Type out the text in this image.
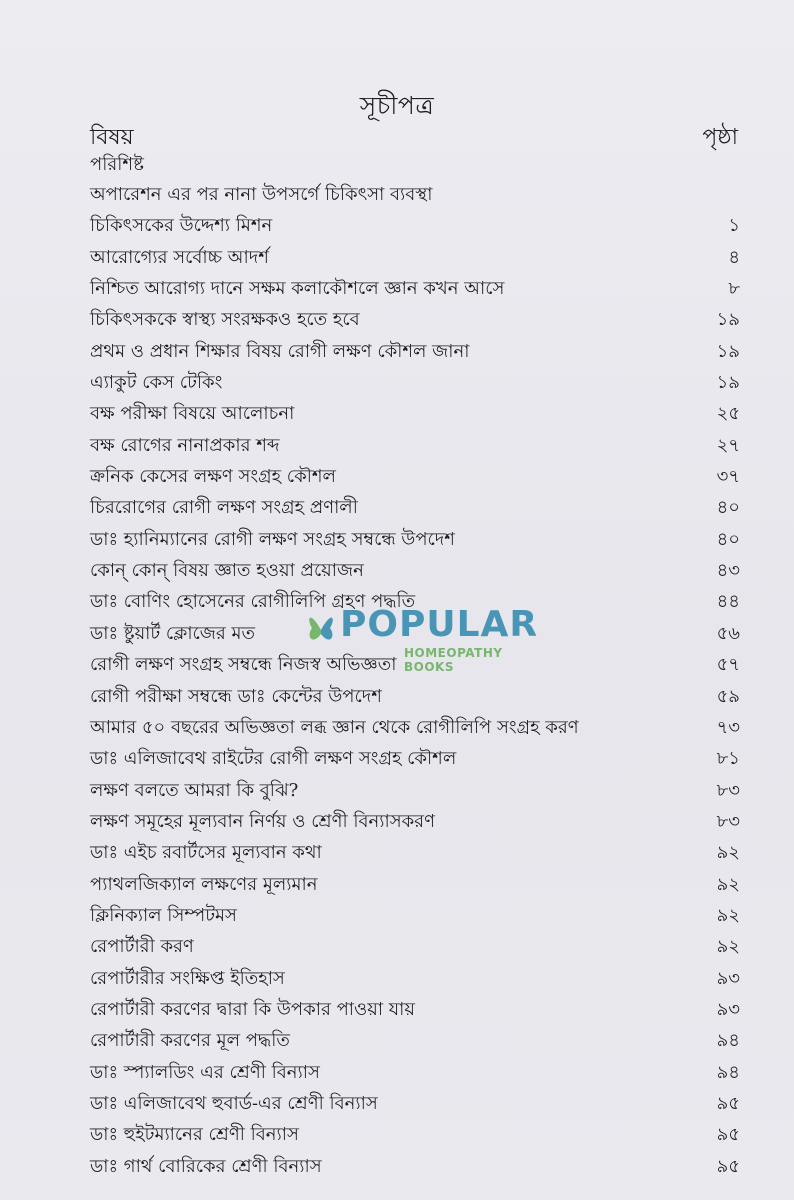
সূচীপত্র
বিষয়	পৃষ্ঠা
পরিশিষ্ট
অপারেশন এর পর নানা উপসর্গে চিকিৎসা ব্যবস্থা
চিকিৎসকের উদ্দেশ্য মিশন	১
আরোগ্যের সর্বোচ্চ আদর্শ	৪
নিশ্চিত আরোগ্য দানে সক্ষম কলাকৌশলে জ্ঞান কখন আসে	৮
চিকিৎসককে স্বাস্থ্য সংরক্ষকও হতে হবে	১৯
প্রথম ও প্রধান শিক্ষার বিষয় রোগী লক্ষণ কৌশল জানা	১৯
এ্যাকুট কেস টেকিং	১৯
বক্ষ পরীক্ষা বিষয়ে আলোচনা	২৫
বক্ষ রোগের নানাপ্রকার শব্দ	২৭
ক্রনিক কেসের লক্ষণ সংগ্রহ কৌশল	৩৭
চিররোগের রোগী লক্ষণ সংগ্রহ প্রণালী	৪০
ডাঃ হ্যানিম্যানের রোগী লক্ষণ সংগ্রহ সম্বন্ধে উপদেশ	৪০
কোন্ কোন্ বিষয় জ্ঞাত হওয়া প্রয়োজন	৪৩
ডাঃ বোণিং হোসেনের রোগীলিপি গ্রহণ পদ্ধতি	৪৪
ডাঃ ষ্টুয়ার্ট ক্লোজের মত	৫৬
রোগী লক্ষণ সংগ্রহ সম্বন্ধে নিজস্ব অভিজ্ঞতা	৫৭
রোগী পরীক্ষা সম্বন্ধে ডাঃ কেন্টের উপদেশ	৫৯
আমার ৫০ বছরের অভিজ্ঞতা লব্ধ জ্ঞান থেকে রোগীলিপি সংগ্রহ করণ	৭৩
ডাঃ এলিজাবেথ রাইটের রোগী লক্ষণ সংগ্রহ কৌশল	৮১
লক্ষণ বলতে আমরা কি বুঝি?	৮৩
লক্ষণ সমূহের মূল্যবান নির্ণয় ও শ্রেণী বিন্যাসকরণ	৮৩
ডাঃ এইচ রবার্টসের মূল্যবান কথা	৯২
প্যাথলজিক্যাল লক্ষণের মূল্যমান	৯২
ক্লিনিক্যাল সিম্পটমস	৯২
রেপার্টারী করণ	৯২
রেপার্টারীর সংক্ষিপ্ত ইতিহাস	৯৩
রেপার্টারী করণের দ্বারা কি উপকার পাওয়া যায়	৯৩
রেপার্টারী করণের মূল পদ্ধতি	৯৪
ডাঃ স্প্যালডিং এর শ্রেণী বিন্যাস	৯৪
ডাঃ এলিজাবেথ হুবার্ড-এর শ্রেণী বিন্যাস	৯৫
ডাঃ হুইটম্যানের শ্রেণী বিন্যাস	৯৫
ডাঃ গার্থ বোরিকের শ্রেণী বিন্যাস	৯৫
POPULAR
HOMEOPATHY BOOKS
